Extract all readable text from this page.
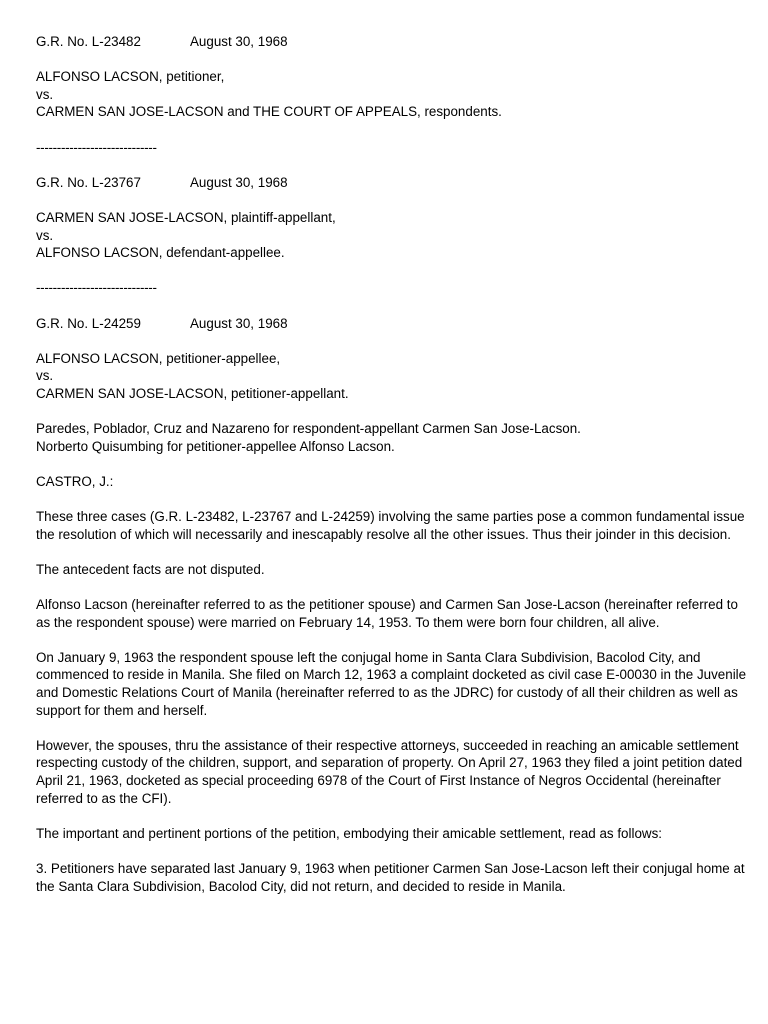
G.R. No. L-23482	August 30, 1968
ALFONSO LACSON, petitioner,
vs.
CARMEN SAN JOSE-LACSON and THE COURT OF APPEALS, respondents.
-----------------------------
G.R. No. L-23767	August 30, 1968
CARMEN SAN JOSE-LACSON, plaintiff-appellant,
vs.
ALFONSO LACSON, defendant-appellee.
-----------------------------
G.R. No. L-24259	August 30, 1968
ALFONSO LACSON, petitioner-appellee,
vs.
CARMEN SAN JOSE-LACSON, petitioner-appellant.
Paredes, Poblador, Cruz and Nazareno for respondent-appellant Carmen San Jose-Lacson.
Norberto Quisumbing for petitioner-appellee Alfonso Lacson.
CASTRO, J.:

These three cases (G.R. L-23482, L-23767 and L-24259) involving the same parties pose a common fundamental issue the resolution of which will necessarily and inescapably resolve all the other issues. Thus their joinder in this decision.

The antecedent facts are not disputed.

Alfonso Lacson (hereinafter referred to as the petitioner spouse) and Carmen San Jose-Lacson (hereinafter referred to as the respondent spouse) were married on February 14, 1953. To them were born four children, all alive.

On January 9, 1963 the respondent spouse left the conjugal home in Santa Clara Subdivision, Bacolod City, and commenced to reside in Manila. She filed on March 12, 1963 a complaint docketed as civil case E-00030 in the Juvenile and Domestic Relations Court of Manila (hereinafter referred to as the JDRC) for custody of all their children as well as support for them and herself.

However, the spouses, thru the assistance of their respective attorneys, succeeded in reaching an amicable settlement respecting custody of the children, support, and separation of property. On April 27, 1963 they filed a joint petition dated April 21, 1963, docketed as special proceeding 6978 of the Court of First Instance of Negros Occidental (hereinafter referred to as the CFI).

The important and pertinent portions of the petition, embodying their amicable settlement, read as follows:

3. Petitioners have separated last January 9, 1963 when petitioner Carmen San Jose-Lacson left their conjugal home at the Santa Clara Subdivision, Bacolod City, did not return, and decided to reside in Manila.
